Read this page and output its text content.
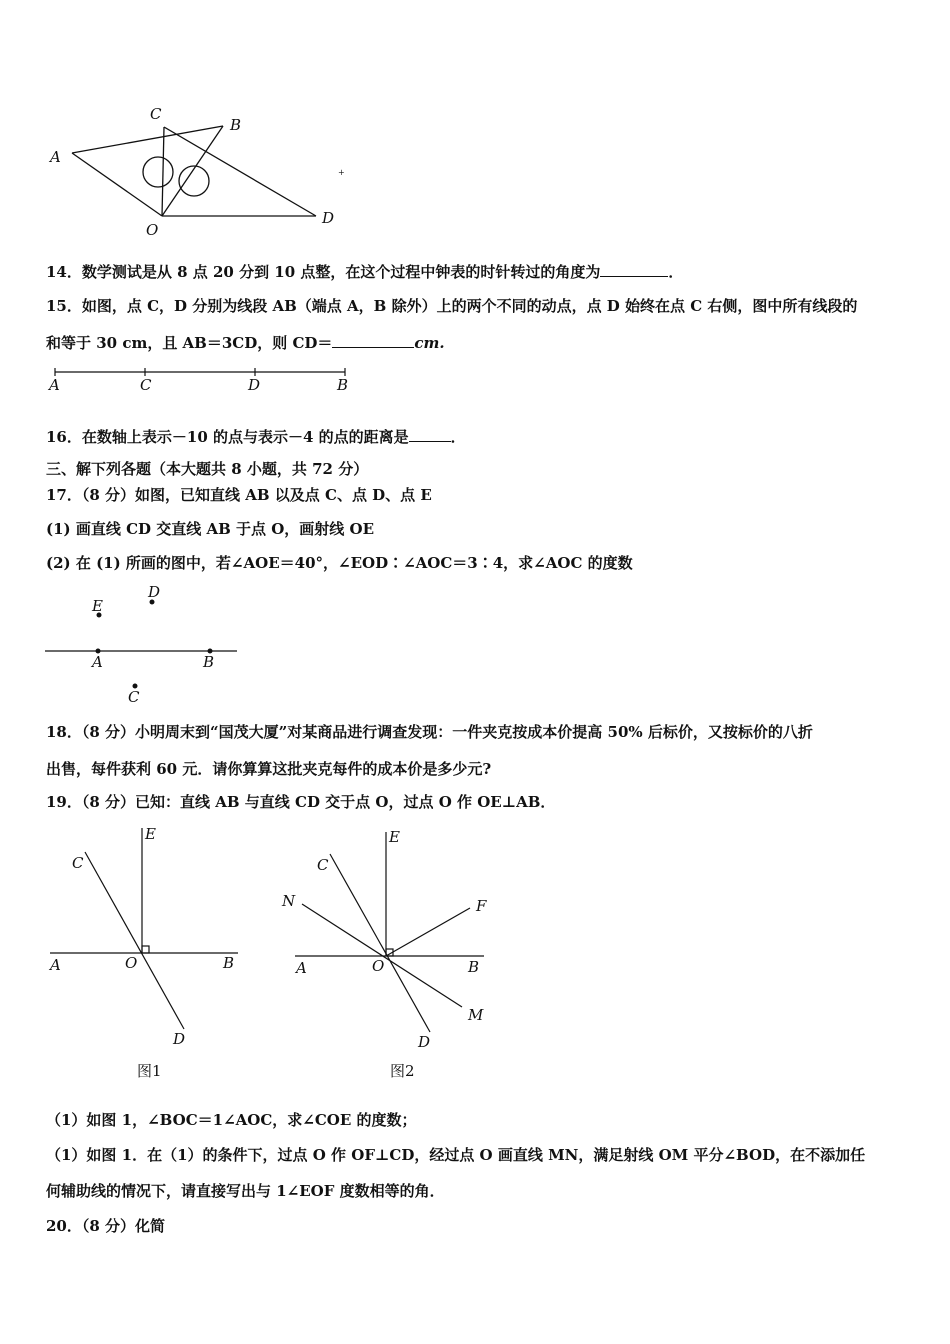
A
C
B
O
D
+
14．数学测试是从 8 点 20 分到 10 点整，在这个过程中钟表的时针转过的角度为	．
15．如图，点 C，D 分别为线段 AB（端点 A，B 除外）上的两个不同的动点，点 D 始终在点 C 右侧，图中所有线段的
和等于 30 cm，且 AB＝3CD，则 CD＝	cm.
A	C	D	B
16．在数轴上表示－10 的点与表示－4 的点的距离是	．
三、解下列各题（本大题共 8 小题，共 72 分）
17．（8 分）如图，已知直线 AB 以及点 C、点 D、点 E
(1) 画直线 CD 交直线 AB 于点 O，画射线 OE
(2) 在 (1) 所画的图中，若∠AOE＝40°，∠EOD∶∠AOC＝3∶4，求∠AOC 的度数
E
D
A	B
C
18．（8 分）小明周末到“国茂大厦”对某商品进行调查发现：一件夹克按成本价提高 50% 后标价，又按标价的八折
出售，每件获利 60 元．请你算算这批夹克每件的成本价是多少元?
19．（8 分）已知：直线 AB 与直线 CD 交于点 O，过点 O 作 OE⊥AB．
E
C
A	O	B
D
图1
E
C
N	F
A	O	B
M
D
图2
（1）如图 1，∠BOC＝1∠AOC，求∠COE 的度数；
（1）如图 1．在（1）的条件下，过点 O 作 OF⊥CD，经过点 O 画直线 MN，满足射线 OM 平分∠BOD，在不添加任
何辅助线的情况下，请直接写出与 1∠EOF 度数相等的角．
20．（8 分）化简
